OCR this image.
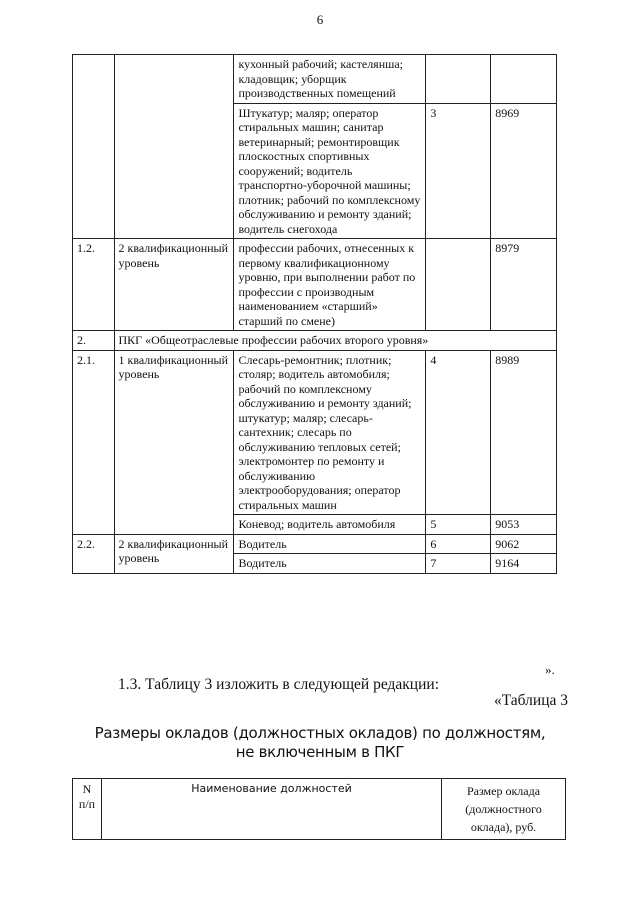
6
		кухонный рабочий; кастелянша; кладовщик; уборщик производственных помещений		
		Штукатур; маляр; оператор стиральных машин; санитар ветеринарный; ремонтировщик плоскостных спортивных сооружений; водитель транспортно-уборочной машины; плотник; рабочий по комплексному обслуживанию и ремонту зданий; водитель снегохода	3	8969
1.2.	2 квалификационный уровень	профессии рабочих, отнесенных к первому квалификационному уровню, при выполнении работ по профессии с производным наименованием «старший» старший по смене)		8979
2.	ПКГ «Общеотраслевые профессии рабочих второго уровня»			
2.1.	1 квалификационный уровень	Слесарь-ремонтник; плотник; столяр; водитель автомобиля; рабочий по комплексному обслуживанию и ремонту зданий; штукатур; маляр; слесарь-сантехник; слесарь по обслуживанию тепловых сетей; электромонтер по ремонту и обслуживанию электрооборудования; оператор стиральных машин	4	8989
		Коневод; водитель автомобиля	5	9053
2.2.	2 квалификационный уровень	Водитель	6	9062
		Водитель	7	9164
».
1.3. Таблицу 3 изложить в следующей редакции:
«Таблица 3
Размеры окладов (должностных окладов) по должностям,
не включенным в ПКГ
N п/п	Наименование должностей	Размер оклада (должностного оклада), руб.
